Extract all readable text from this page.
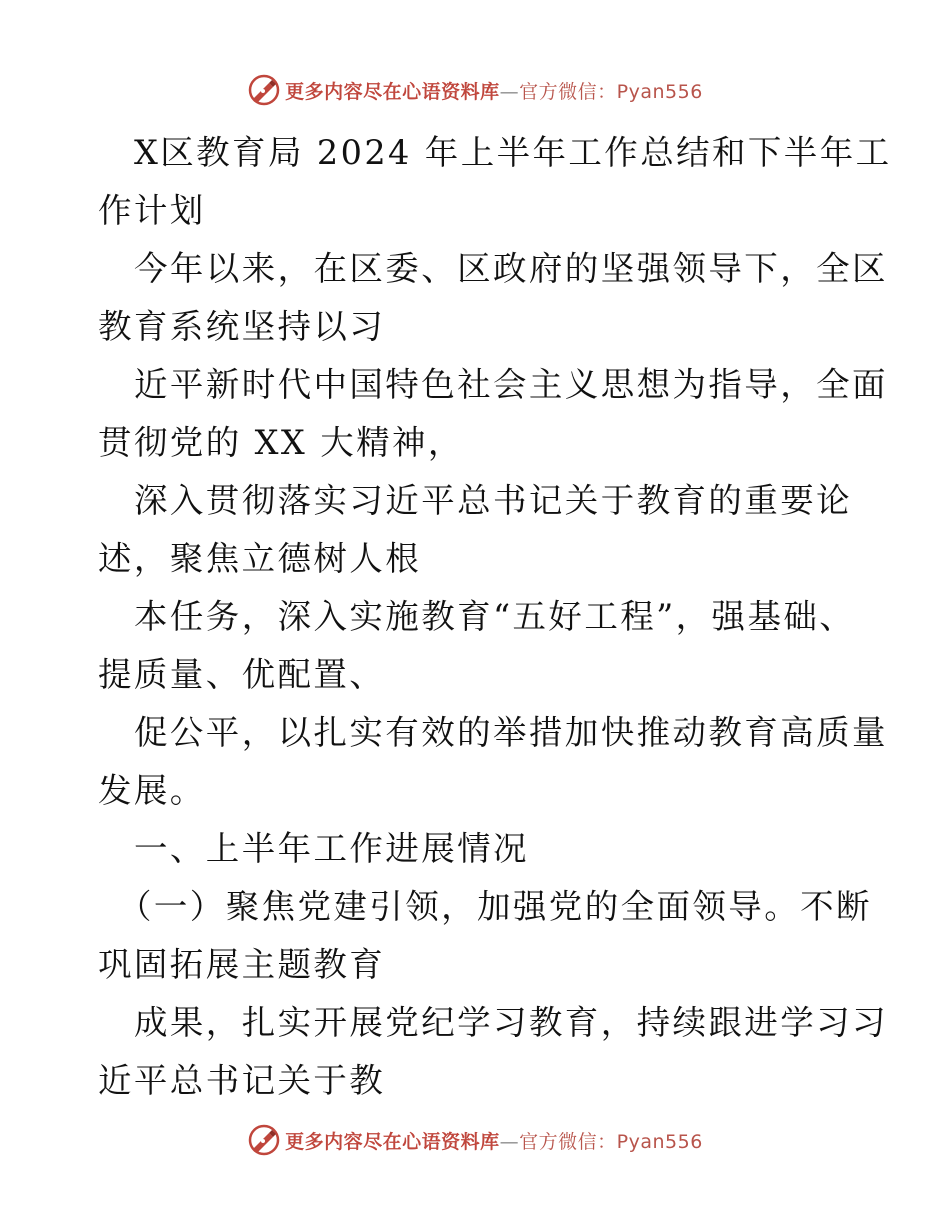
更多内容尽在心语资料库—官方微信：Pyan556

X区教育局 2024 年上半年工作总结和下半年工

作计划

今年以来，在区委、区政府的坚强领导下，全区

教育系统坚持以习

近平新时代中国特色社会主义思想为指导，全面

贯彻党的 XX 大精神，

深入贯彻落实习近平总书记关于教育的重要论

述，聚焦立德树人根

本任务，深入实施教育“五好工程”，强基础、

提质量、优配置、

促公平，以扎实有效的举措加快推动教育高质量

发展。

一、上半年工作进展情况

（一）聚焦党建引领，加强党的全面领导。不断

巩固拓展主题教育

成果，扎实开展党纪学习教育，持续跟进学习习

近平总书记关于教

更多内容尽在心语资料库—官方微信：Pyan556
